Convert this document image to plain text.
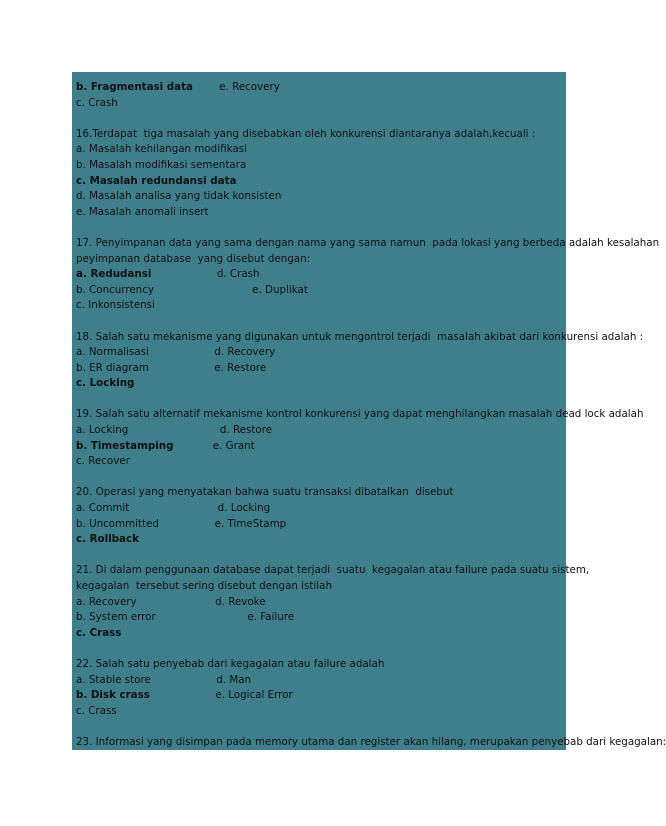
b. Fragmentasi data        e. Recovery
c. Crash
16.Terdapat  tiga masalah yang disebabkan oleh konkurensi diantaranya adalah,kecuali :
a. Masalah kehilangan modifikasi
b. Masalah modifikasi sementara
c. Masalah redundansi data
d. Masalah analisa yang tidak konsisten
e. Masalah anomali insert
17. Penyimpanan data yang sama dengan nama yang sama namun  pada lokasi yang berbeda adalah kesalahan
peyimpanan database  yang disebut dengan:
a. Redudansi                    d. Crash
b. Concurrency                              e. Duplikat
c. Inkonsistensi
18. Salah satu mekanisme yang digunakan untuk mengontrol terjadi  masalah akibat dari konkurensi adalah :
a. Normalisasi                    d. Recovery
b. ER diagram                    e. Restore
c. Locking
19. Salah satu alternatif mekanisme kontrol konkurensi yang dapat menghilangkan masalah dead lock adalah
a. Locking                            d. Restore
b. Timestamping            e. Grant
c. Recover
20. Operasi yang menyatakan bahwa suatu transaksi dibatalkan  disebut
a. Commit                           d. Locking
b. Uncommitted                 e. TimeStamp
c. Rollback
21. Di dalam penggunaan database dapat terjadi  suatu  kegagalan atau failure pada suatu sistem,
kegagalan  tersebut sering disebut dengan istilah
a. Recovery                        d. Revoke
b. System error                            e. Failure
c. Crass
22. Salah satu penyebab dari kegagalan atau failure adalah
a. Stable store                    d. Man
b. Disk crass                    e. Logical Error
c. Crass
23. Informasi yang disimpan pada memory utama dan register akan hilang, merupakan penyebab dari kegagalan:
